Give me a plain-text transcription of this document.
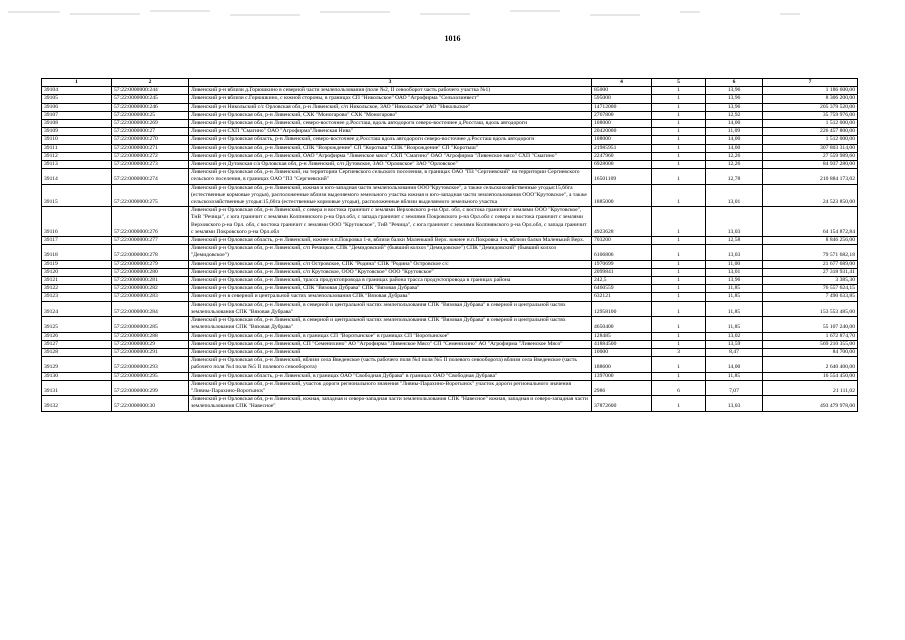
1016
1	2	3	4	5	6	7
39104	57:22:0000000:244	Ливенский р-н вблизи д.Горюшкино в северной части землепользования (поле №2, II севооборот часть рабочего участка №1)	85000	1	13,96	1 186 600,00
39105	57:22:0000000:245	Ливенский р-н вблизи с.Горюшкино, с южной стороны, в границах СП "Никольское" ОАО "Агрофирма "Сельхозинвест"	595000	1	13,96	8 306 200,00
39106	57:22:0000000:246	Ливенский р-н Никольский с/с Орловская обл, р-н Ливенский, с/п Никольское, ЗАО "Никольское" ЗАО "Никольское"	14712000	1	13,96	205 379 520,00
39107	57:22:0000000:25	Ливенский р-н Орловская обл, р-н Ливенский, СХК "Моногарово" СХК "Моногарово"	2767800	1	12,92	35 759 976,00
39108	57:22:0000000:269	Ливенский р-н Орловская обл, р-н Ливенский, северо-восточнее д.Россташ, вдоль автодороги северо-восточнее д.Россташ, вдоль автодороги	108000	1	14,00	1 512 000,00
39109	57:22:0000000:27	Ливенский р-н СХП "Смагино" ОАО "Агрофирма"Ливенская Нива"	20420000	1	11,09	226 457 800,00
39110	57:22:0000000:270	Ливенский р-н Орловская область, р-н Ливенский, северо-восточнее д.Россташ вдоль автодороги северо-восточнее д.Россташ вдоль автодороги	108000	1	14,00	1 512 000,00
39111	57:22:0000000:271	Ливенский р-н Орловская обл, р-н Ливенский, СПК "Возрождение" СП "Коротыш" СПК "Возрождение" СП "Коротыш"	21985951	1	14,00	307 803 314,00
39112	57:22:0000000:272	Ливенский р-н Орловская обл, р-н Ливенский, ОАО "Агрофирма "Ливенское мясо" СХП "Смагино" ОАО "Агрофирма "Ливенское мясо" СХП "Смагино"	2247960	1	12,26	27 559 989,60
39113	57:22:0000000:273	Ливенский р-н Дутовская с/а Орловская обл, р-н Ливенский, с/п Дутовское, ЗАО "Орловское" ЗАО "Орловское"	6928000	1	12,26	84 937 280,00
39114	57:22:0000000:274	Ливенский р-н Орловская обл, р-н Ливенский, на территории Сергиевского сельского поселения, в границах ОАО "ПЗ "Сергиевский" на территории Сергиевского сельского поселения, в границах ОАО "ПЗ "Сергиевский"	16501109	1	12,78	210 884 173,02
39115	57:22:0000000:275	Ливенский р-н Орловская обл, р-н Ливенский, южная и юго-западная части землепользования ООО"Крутовское", а также сельскохозяйственные угодья:15,66га (естественные кормовые угодья), расположенные вблизи выделяемого земельного участка южная и юго-западная части землепользования ООО"Крутовское", а также сельскохозяйственные угодья:15,66га (естественные кормовые угодья), расположенные вблизи выделяемого земельного участка	1885000	1	13,01	24 523 850,00
39116	57:22:0000000:276	Ливенский р-н Орловская обл, р-н Ливенский, с севера и востока граничит с землями Верховского р-на Орл. обл, с востока граничит с землями ООО "Крутовское", ТнВ "Речица", с юга граничит с землями Колпнянского р-на Орл.обл, с запада граничит с землями Покровского р-на Орл.обл с севера и востока граничит с землями Верховского р-на Орл. обл, с востока граничит с землями ООО "Крутовское", ТнВ "Речица", с юга граничит с землями Колпнянского р-на Орл.обл, с запада граничит с землями Покровского р-на Орл.обл	4923628	1	13,03	64 154 872,84
39117	57:22:0000000:277	Ливенский р-н Орловская область, р-н Ливенский, южнее н.п.Покровка 1-я, вблизи балки Маленький Верх. южнее н.п.Покровка 1-я, вблизи балки Маленький Верх.	703200	1	12,58	8 846 256,00
39118	57:22:0000000:278	Ливенский р-н Орловская обл, р-н Ливенский, с/п Речицкое, СПК "Демидовский" (бывший колхоз "Демидовское") СПК "Демидовский" (бывший колхоз "Демидовское")	6106806	1	13,03	79 571 682,18
39119	57:22:0000000:279	Ливенский р-н Орловская обл, р-н Ливенский, с/п Островское, СПК "Родина" СПК "Родина" Островское с/с	1970699	1	11,00	21 677 689,00
39120	57:22:0000000:280	Ливенский р-н Орловская обл, р-н Ливенский, с/п Крутовское, ООО "Крутовское" ООО "Крутовское"	2099841	1	13,01	27 318 931,41
39121	57:22:0000000:281	Ливенский р-н Орловская обл, р-н Ливенский, трасса продуктопровода в границах района трасса продуктопровода в границах района	242,5	1	13,96	3 385,30
39122	57:22:0000000:282	Ливенский р-н Орловская обл, р-н Ливенский, СПК "Вязовая Дубрава" СПК "Вязовая Дубрава"	6460559	1	11,85	76 557 624,15
39123	57:22:0000000:283	Ливенский р-н в северной и центральной частях землепользования СПК "Вязовая Дубрава"	632121	1	11,85	7 490 633,85
39124	57:22:0000000:284	Ливенский р-н Орловская обл, р-н Ливенский, в северной и центральной частях землепользования СПК "Вязовая Дубрава" в северной и центральной частях землепользования СПК "Вязовая Дубрава"	12958100	1	11,85	153 553 485,00
39125	57:22:0000000:285	Ливенский р-н Орловская обл, р-н Ливенский, в северной и центральной частях землепользования СПК "Вязовая Дубрава" в северной и центральной частях землепользования СПК "Вязовая Дубрава"	4650400	1	11,85	55 107 240,00
39126	57:22:0000000:288	Ливенский р-н Орловская обл, р-н Ливенский, в границах СП "Воротынское" в границах СП "Воротынское"	128485	1	13,02	1 672 874,70
39127	57:22:0000000:29	Ливенский р-н Орловская обл, р-н Ливенский, СП "Семенихино" АО "Агрофирма "Ливенское Мясо" СП "Семенихино" АО "Агрофирма "Ливенское Мясо"	41884500	1	13,59	569 210 355,00
39128	57:22:0000000:291	Ливенский р-н Орловская обл, р-н Ливенский	10000	3	8,47	84 700,00
39129	57:22:0000000:293	Ливенский р-н Орловская обл, р-н Ливенский, вблизи села Введенское (часть рабочего поля №4 поля №5 II полевого севооборота) вблизи села Введенское (часть рабочего поля №4 поля №5 II полевого севооборота)	188600	1	14,00	2 640 400,00
39130	57:22:0000000:295	Ливенский р-н Орловская область, р-н Ливенский, в границах ОАО "Свободная Дубрава" в границах ОАО "Свободная Дубрава"	1397000	1	11,85	16 554 450,00
39131	57:22:0000000:299	Ливенский р-н Орловская обл, р-н Ливенский, участок дороги регионального значения "Ливны-Парахино-Воротынск" участок дороги регионального значения "Ливны-Парахино-Воротынск"	2986	6	7,07	21 111,02
39132	57:22:0000000:30	Ливенский р-н Орловская обл, р-н Ливенский, южная, западная и северо-западная части землепользования СПК "Навесное" южная, западная и северо-западная части землепользования СПК "Навесное"	37872600	1	13,03	493 479 978,00
